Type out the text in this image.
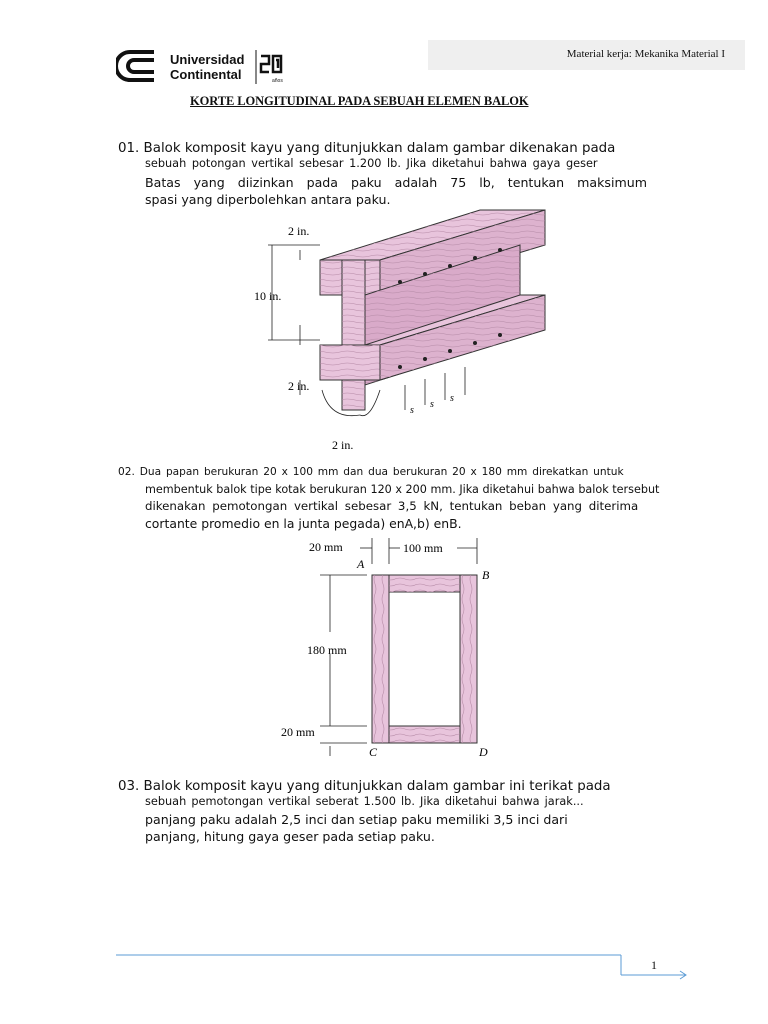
años
Universidad
Continental
Material kerja: Mekanika Material I
KORTE LONGITUDINAL PADA SEBUAH ELEMEN BALOK
01. Balok komposit kayu yang ditunjukkan dalam gambar dikenakan pada
sebuah potongan vertikal sebesar 1.200 lb. Jika diketahui bahwa gaya geser
Batas yang diizinkan pada paku adalah 75 lb, tentukan maksimum
spasi yang diperbolehkan antara paku.
2 in.
10 in.
2 in.
2 in.
s
s
s
02. Dua papan berukuran 20 x 100 mm dan dua berukuran 20 x 180 mm direkatkan untuk
membentuk balok tipe kotak berukuran 120 x 200 mm. Jika diketahui bahwa balok tersebut
dikenakan pemotongan vertikal sebesar 3,5 kN, tentukan beban yang diterima
cortante promedio en la junta pegada) enA,b) enB.
20 mm	100 mm
180 mm
20 mm
A
B
C	D
03. Balok komposit kayu yang ditunjukkan dalam gambar ini terikat pada
sebuah pemotongan vertikal seberat 1.500 lb. Jika diketahui bahwa jarak...
panjang paku adalah 2,5 inci dan setiap paku memiliki 3,5 inci dari
panjang, hitung gaya geser pada setiap paku.
1
